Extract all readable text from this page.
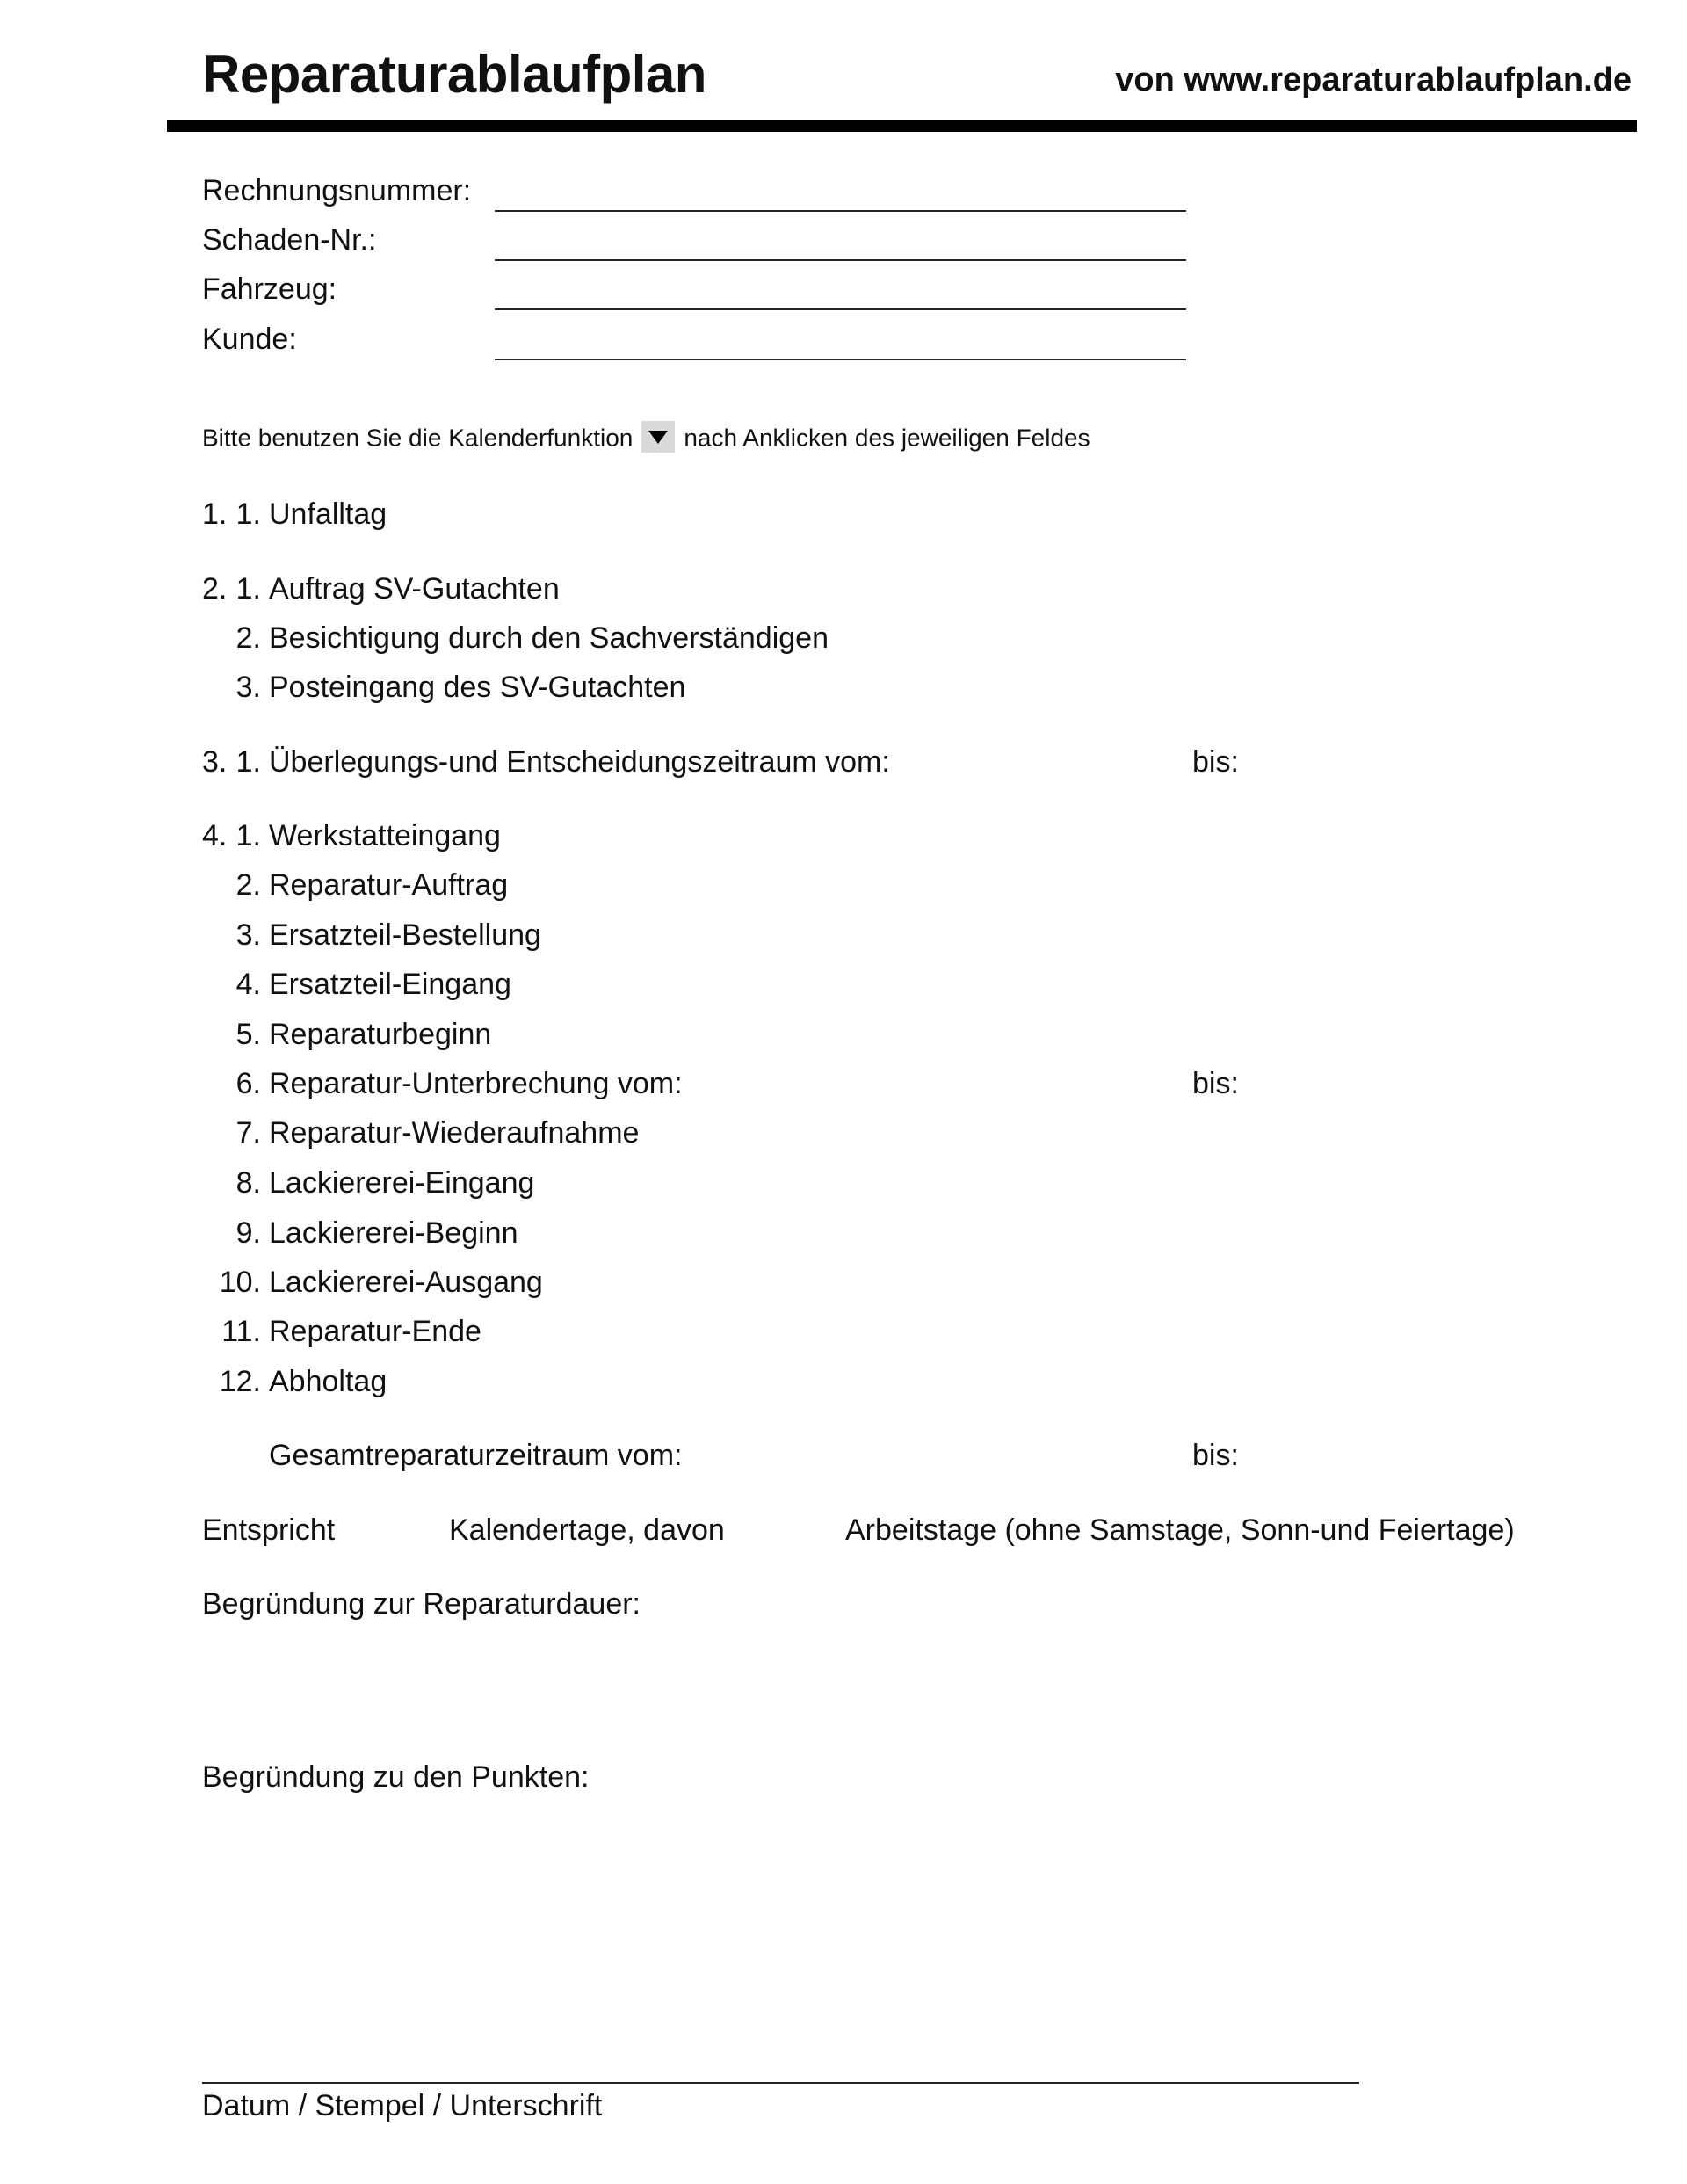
Reparaturablaufplan	von www.reparaturablaufplan.de
Rechnungsnummer:
Schaden-Nr.:
Fahrzeug:
Kunde:
Bitte benutzen Sie die Kalenderfunktion nach Anklicken des jeweiligen Feldes
1. 1. Unfalltag
2. 1. Auftrag SV-Gutachten
2. Besichtigung durch den Sachverständigen
3. Posteingang des SV-Gutachten
3. 1. Überlegungs-und Entscheidungszeitraum vom:	bis:
4. 1. Werkstatteingang
2. Reparatur-Auftrag
3. Ersatzteil-Bestellung
4. Ersatzteil-Eingang
5. Reparaturbeginn
6. Reparatur-Unterbrechung vom:	bis:
7. Reparatur-Wiederaufnahme
8. Lackiererei-Eingang
9. Lackiererei-Beginn
10. Lackiererei-Ausgang
11. Reparatur-Ende
12. Abholtag
Gesamtreparaturzeitraum vom:	bis:
Entspricht	Kalendertage, davon	Arbeitstage (ohne Samstage, Sonn-und Feiertage)
Begründung zur Reparaturdauer:
Begründung zu den Punkten:
Datum / Stempel / Unterschrift
